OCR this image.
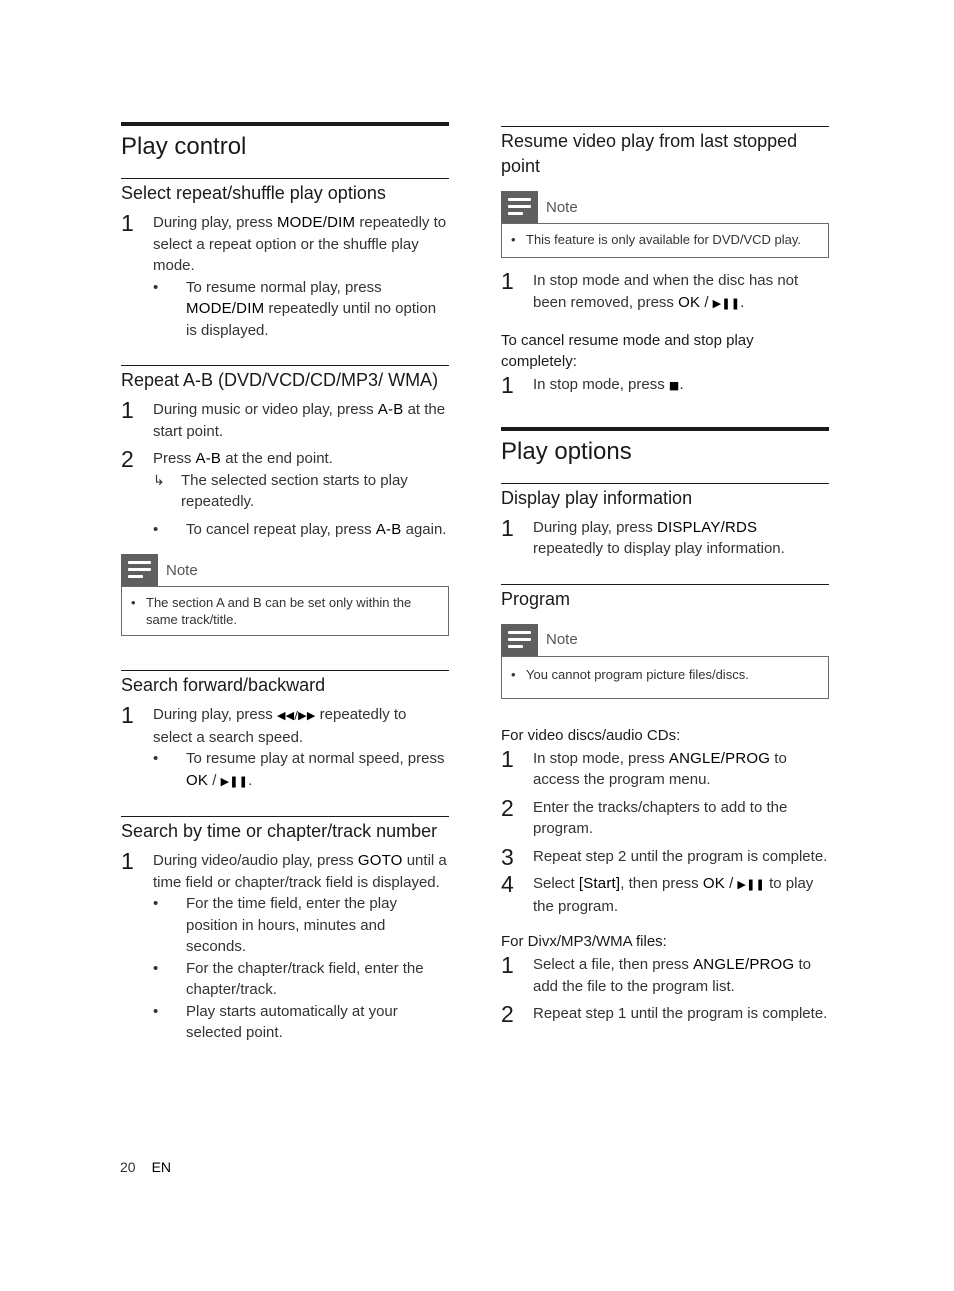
Play control
Select repeat/shuffle play options
1 During play, press MODE/DIM repeatedly to select a repeat option or the shuffle play mode.
• To resume normal play, press MODE/DIM repeatedly until no option is displayed.
Repeat A-B (DVD/VCD/CD/MP3/ WMA)
1 During music or video play, press A-B at the start point.
2 Press A-B at the end point.
↳ The selected section starts to play repeatedly.
• To cancel repeat play, press A-B again.
Note
• The section A and B can be set only within the same track/title.
Search forward/backward
1 During play, press ◀◀/▶▶ repeatedly to select a search speed.
• To resume play at normal speed, press OK / ▶❚❚.
Search by time or chapter/track number
1 During video/audio play, press GOTO until a time field or chapter/track field is displayed.
• For the time field, enter the play position in hours, minutes and seconds.
• For the chapter/track field, enter the chapter/track.
• Play starts automatically at your selected point.
Resume video play from last stopped point
Note
• This feature is only available for DVD/VCD play.
1 In stop mode and when the disc has not been removed, press OK / ▶❚❚.

To cancel resume mode and stop play completely:

1 In stop mode, press ■.
Play options
Display play information
1 During play, press DISPLAY/RDS repeatedly to display play information.
Program
Note
• You cannot program picture files/discs.

For video discs/audio CDs:

1 In stop mode, press ANGLE/PROG to access the program menu.
2 Enter the tracks/chapters to add to the program.
3 Repeat step 2 until the program is complete.
4 Select [Start], then press OK / ▶❚❚ to play the program.

For Divx/MP3/WMA files:

1 Select a file, then press ANGLE/PROG to add the file to the program list.
2 Repeat step 1 until the program is complete.
20 EN
